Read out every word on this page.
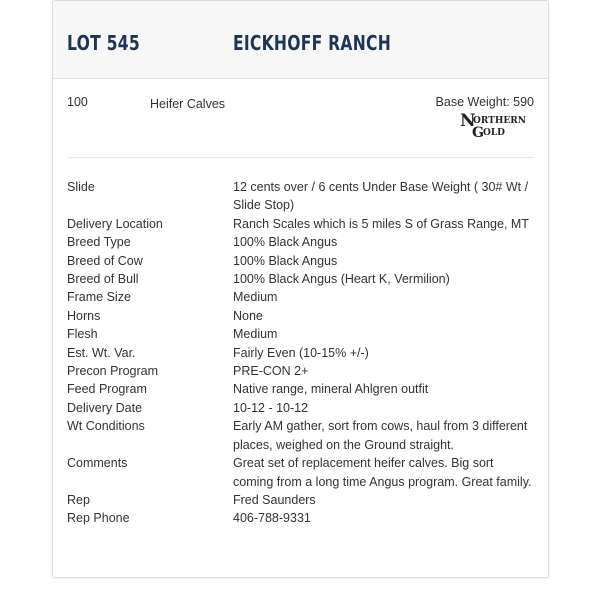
LOT 545	EICKHOFF RANCH
100	Heifer Calves	Base Weight: 590
N
ORTHERN
G OLD
Slide	12 cents over / 6 cents Under Base Weight ( 30# Wt / Slide Stop)
Delivery Location	Ranch Scales which is 5 miles S of Grass Range, MT
Breed Type	100% Black Angus
Breed of Cow	100% Black Angus
Breed of Bull	100% Black Angus (Heart K, Vermilion)
Frame Size	Medium
Horns	None
Flesh	Medium
Est. Wt. Var.	Fairly Even (10-15% +/-)
Precon Program	PRE-CON 2+
Feed Program	Native range, mineral Ahlgren outfit
Delivery Date	10-12 - 10-12
Wt Conditions	Early AM gather, sort from cows, haul from 3 different places, weighed on the Ground straight.
Comments	Great set of replacement heifer calves. Big sort coming from a long time Angus program. Great family.
Rep	Fred Saunders
Rep Phone	406-788-9331
